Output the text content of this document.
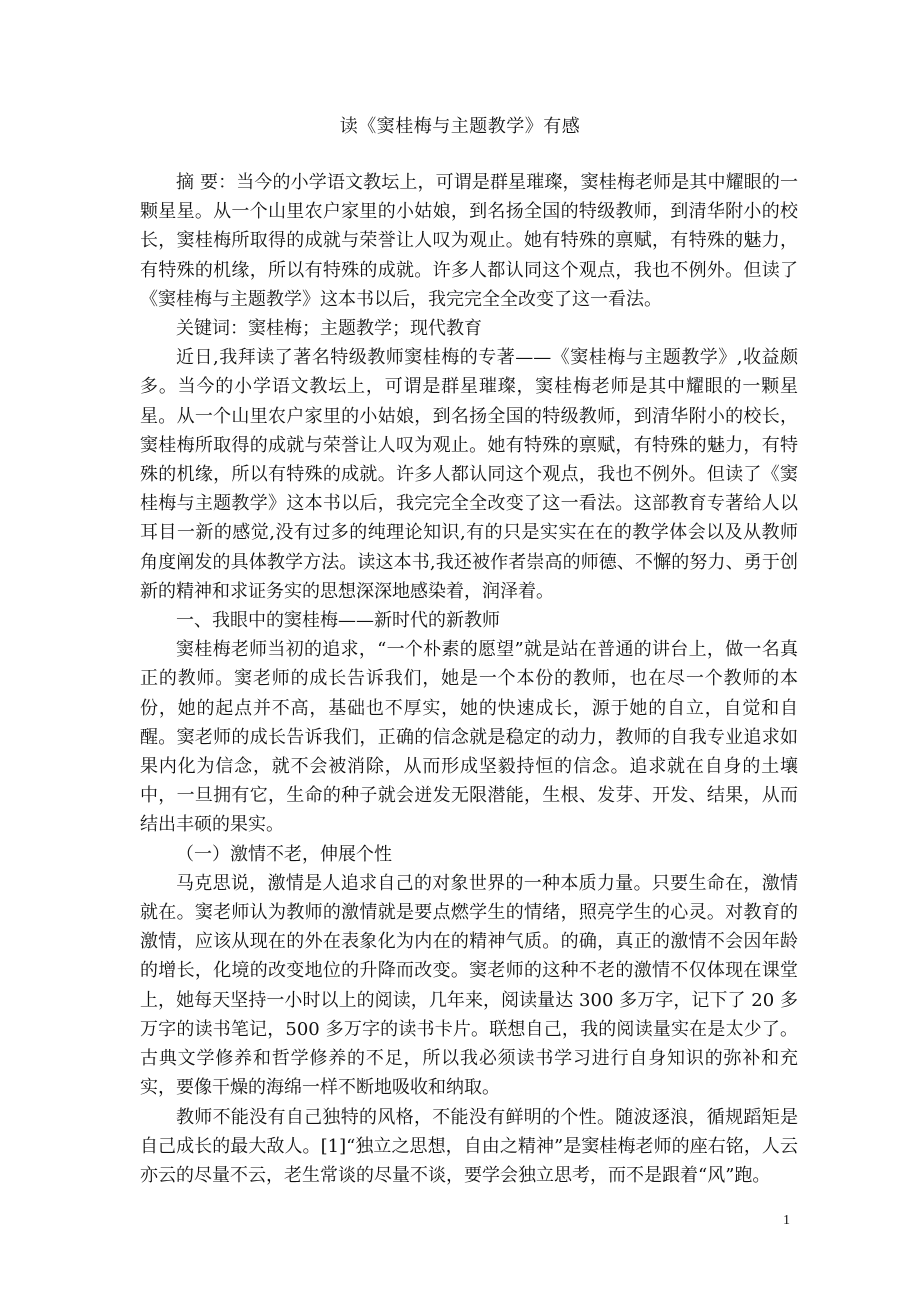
读《窦桂梅与主题教学》有感

摘 要：当今的小学语文教坛上，可谓是群星璀璨，窦桂梅老师是其中耀眼的一颗星星。从一个山里农户家里的小姑娘，到名扬全国的特级教师，到清华附小的校长，窦桂梅所取得的成就与荣誉让人叹为观止。她有特殊的禀赋，有特殊的魅力，有特殊的机缘，所以有特殊的成就。许多人都认同这个观点，我也不例外。但读了《窦桂梅与主题教学》这本书以后，我完完全全改变了这一看法。

关键词：窦桂梅；主题教学；现代教育

近日,我拜读了著名特级教师窦桂梅的专著——《窦桂梅与主题教学》,收益颇多。当今的小学语文教坛上，可谓是群星璀璨，窦桂梅老师是其中耀眼的一颗星星。从一个山里农户家里的小姑娘，到名扬全国的特级教师，到清华附小的校长，窦桂梅所取得的成就与荣誉让人叹为观止。她有特殊的禀赋，有特殊的魅力，有特殊的机缘，所以有特殊的成就。许多人都认同这个观点，我也不例外。但读了《窦桂梅与主题教学》这本书以后，我完完全全改变了这一看法。这部教育专著给人以耳目一新的感觉,没有过多的纯理论知识,有的只是实实在在的教学体会以及从教师角度阐发的具体教学方法。读这本书,我还被作者崇高的师德、不懈的努力、勇于创新的精神和求证务实的思想深深地感染着，润泽着。

一、我眼中的窦桂梅——新时代的新教师

窦桂梅老师当初的追求，“一个朴素的愿望”就是站在普通的讲台上，做一名真正的教师。窦老师的成长告诉我们，她是一个本份的教师，也在尽一个教师的本份，她的起点并不高，基础也不厚实，她的快速成长，源于她的自立，自觉和自醒。窦老师的成长告诉我们，正确的信念就是稳定的动力，教师的自我专业追求如果内化为信念，就不会被消除，从而形成坚毅持恒的信念。追求就在自身的土壤中，一旦拥有它，生命的种子就会迸发无限潜能，生根、发芽、开发、结果，从而结出丰硕的果实。

（一）激情不老，伸展个性

马克思说，激情是人追求自己的对象世界的一种本质力量。只要生命在，激情就在。窦老师认为教师的激情就是要点燃学生的情绪，照亮学生的心灵。对教育的激情，应该从现在的外在表象化为内在的精神气质。的确，真正的激情不会因年龄的增长，化境的改变地位的升降而改变。窦老师的这种不老的激情不仅体现在课堂上，她每天坚持一小时以上的阅读，几年来，阅读量达 300 多万字，记下了 20 多万字的读书笔记，500 多万字的读书卡片。联想自己，我的阅读量实在是太少了。古典文学修养和哲学修养的不足，所以我必须读书学习进行自身知识的弥补和充实，要像干燥的海绵一样不断地吸收和纳取。

教师不能没有自己独特的风格，不能没有鲜明的个性。随波逐浪，循规蹈矩是自己成长的最大敌人。[1]“独立之思想，自由之精神”是窦桂梅老师的座右铭，人云亦云的尽量不云，老生常谈的尽量不谈，要学会独立思考，而不是跟着“风”跑。

1
